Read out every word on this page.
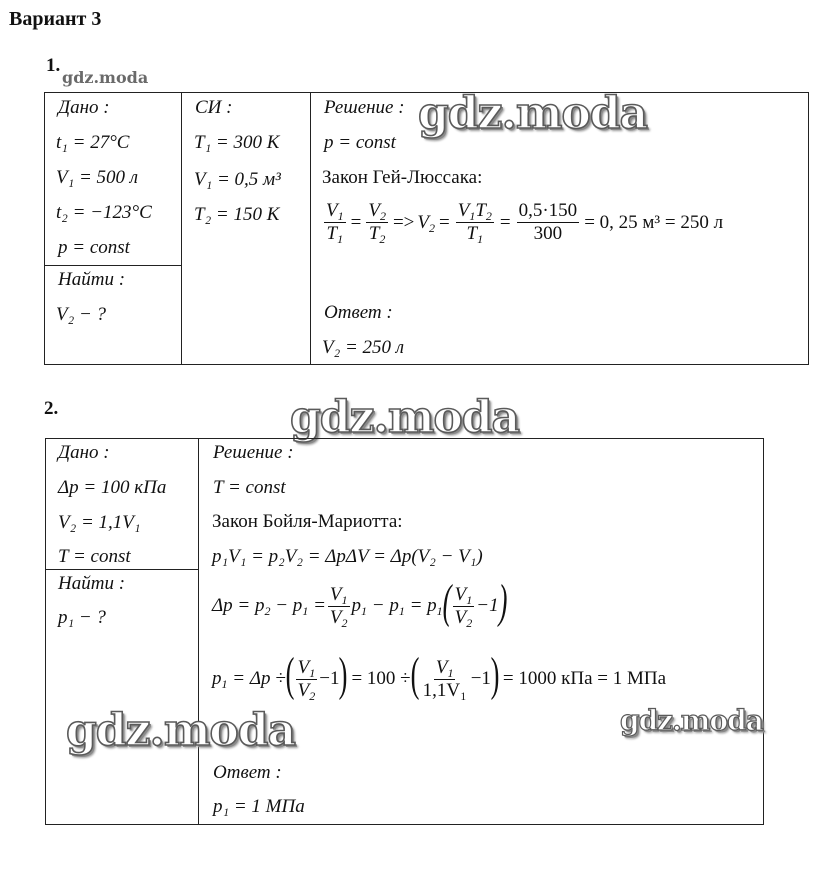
Вариант 3
1.
gdz.moda
Дано :
t₁ = 27°C
V₁ = 500 л
t₂ = −123°C
p = const
Найти :
V₂ − ?
СИ :
T₁ = 300 К
V₁ = 0,5 м³
T₂ = 150 К
Решение :
p = const
Закон Гей-Люссака:
$\frac{V_1}{T_1} = \frac{V_2}{T_2} => V_2 = \frac{V_1T_2}{T_1} = \frac{0,5\cdot 150}{300} = 0$, 25 м³ = 250 л
Ответ :
V₂ = 250 л
gdz.moda
2.	gdz.moda
Дано :
Δp = 100 кПа
V₂ = 1,1V₁
T = const
Найти :
p₁ − ?
Решение :
T = const
Закон Бойля-Мариотта:
p₁V₁ = p₂V₂ = ΔpΔV = Δp(V₂ − V₁)
$\Delta p = p_2 - p_1 = \frac{V_1}{V_2} p_1 - p_1 = p_1$ ( $\frac{V_1}{V_2} -1$ )
$p_1 = \Delta p$ ÷ ( $\frac{V_1}{V_2} -1$ ) = 100 ÷ ( $\frac{V_1}{\text{1,1V₁}} -1$ ) = 1000 кПа = 1 МПа
Ответ :
p₁ = 1 МПа
gdz.moda	gdz.moda
